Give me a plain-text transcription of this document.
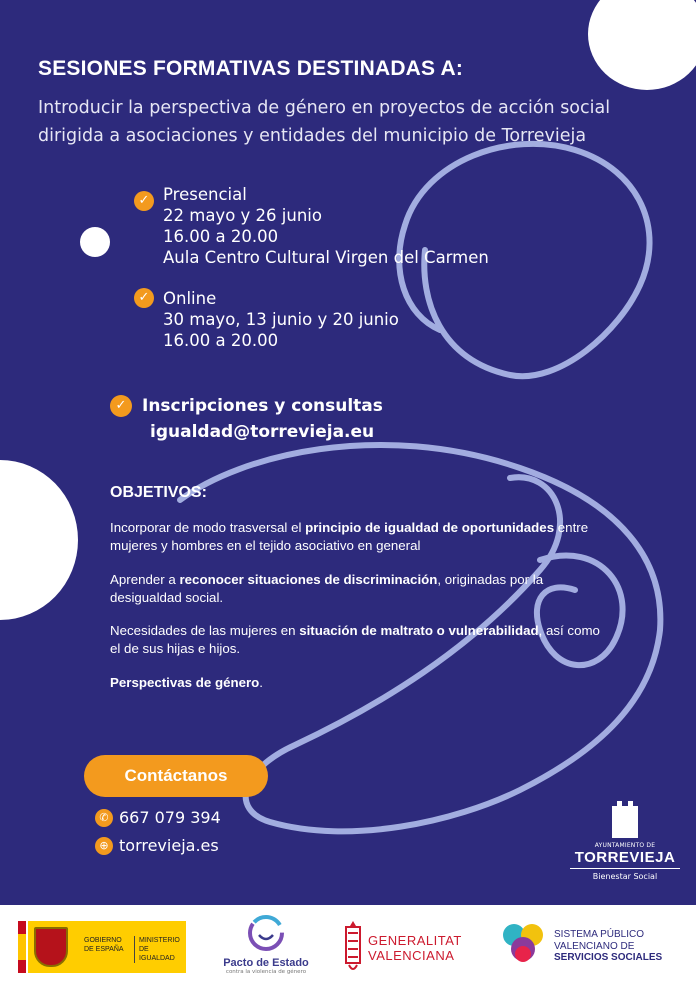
SESIONES FORMATIVAS DESTINADAS A:

Introducir la perspectiva de género en proyectos de acción social dirigida a asociaciones y entidades del municipio de Torrevieja

✓ Presencial
22 mayo y 26 junio
16.00 a 20.00
Aula Centro Cultural Virgen del Carmen
✓ Online
30 mayo, 13 junio y 20 junio
16.00 a 20.00
✓ Inscripciones y consultas
igualdad@torrevieja.eu
OBJETIVOS:

Incorporar de modo trasversal el principio de igualdad de oportunidades entre mujeres y hombres en el tejido asociativo en general

Aprender a reconocer situaciones de discriminación, originadas por la desigualdad social.

Necesidades de las mujeres en situación de maltrato o vulnerabilidad, así como el de sus hijas e hijos.

Perspectivas de género.

Contáctanos
✆ 667 079 394
⊕ torrevieja.es	AYUNTAMIENTO DE
TORREVIEJA
Bienestar Social
GOBIERNO
DE ESPAÑA
MINISTERIO
DE IGUALDAD	Pacto de Estado
contra la violencia de género
GENERALITAT
VALENCIANA
SISTEMA PÚBLICO
VALENCIANO DE
SERVICIOS SOCIALES
